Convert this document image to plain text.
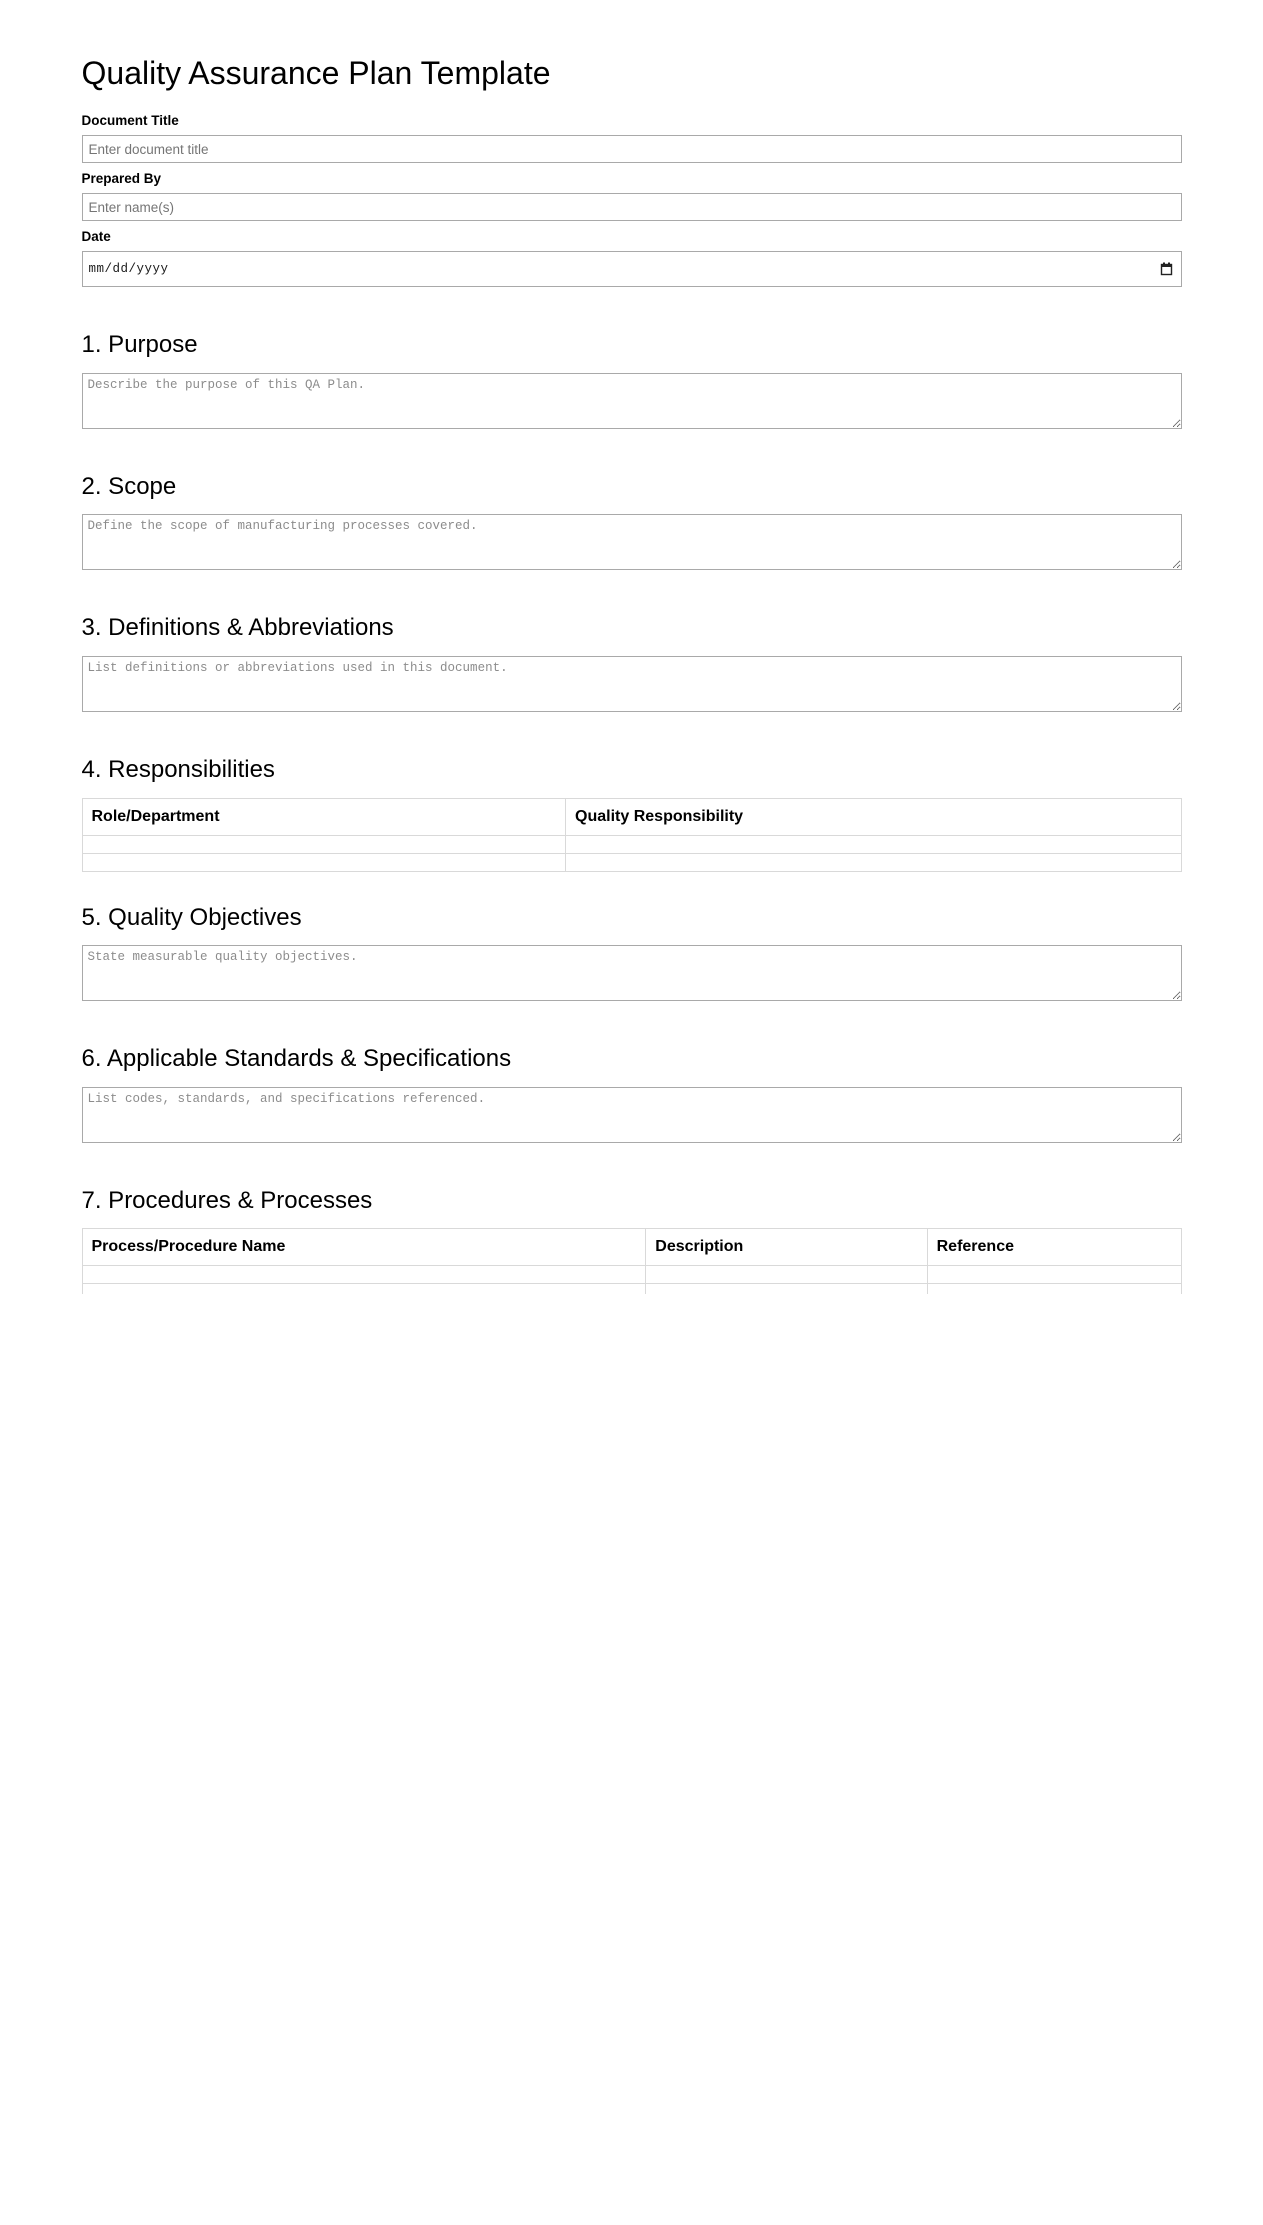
Quality Assurance Plan Template
Document Title
Enter document title
Prepared By
Enter name(s)
Date
mm/dd/yyyy
1. Purpose
Describe the purpose of this QA Plan.
2. Scope
Define the scope of manufacturing processes covered.
3. Definitions & Abbreviations
List definitions or abbreviations used in this document.
4. Responsibilities
Role/Department	Quality Responsibility

5. Quality Objectives
State measurable quality objectives.
6. Applicable Standards & Specifications
List codes, standards, and specifications referenced.
7. Procedures & Processes
Process/Procedure Name	Description	Reference
